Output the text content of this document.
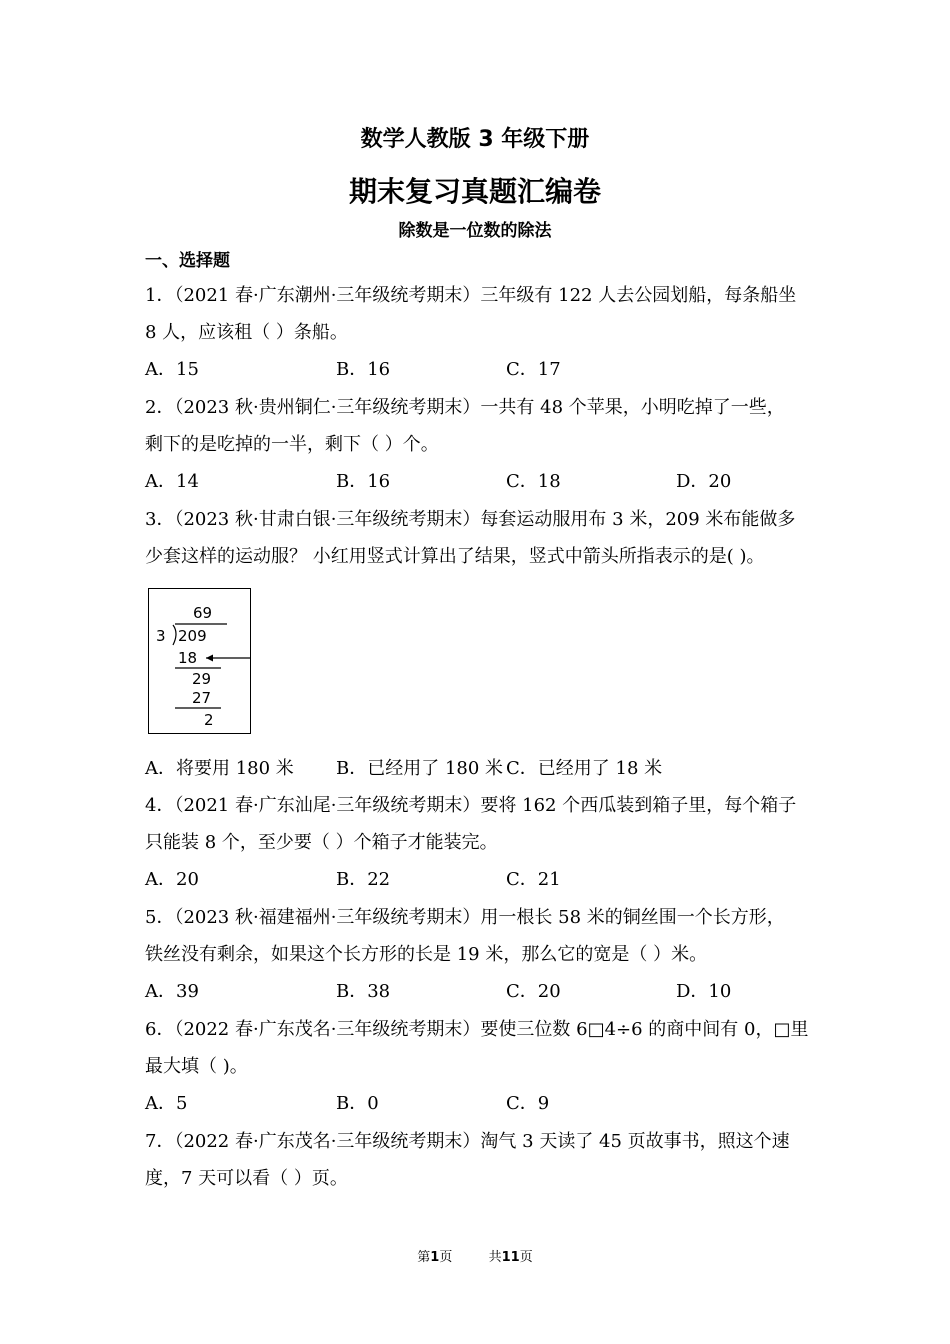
数学人教版 3 年级下册
期末复习真题汇编卷
除数是一位数的除法
一、选择题
1．（2021 春·广东潮州·三年级统考期末）三年级有 122 人去公园划船，每条船坐
8 人，应该租（ ）条船。
A．15	B．16	C．17
2．（2023 秋·贵州铜仁·三年级统考期末）一共有 48 个苹果，小明吃掉了一些，
剩下的是吃掉的一半，剩下（ ）个。
A．14	B．16	C．18	D．20
3．（2023 秋·甘肃白银·三年级统考期末）每套运动服用布 3 米，209 米布能做多
少套这样的运动服？ 小红用竖式计算出了结果，竖式中箭头所指表示的是( )。
69
3 209
18
29
27
2
A．将要用 180 米 B．已经用了 180 米 C．已经用了 18 米
4．（2021 春·广东汕尾·三年级统考期末）要将 162 个西瓜装到箱子里，每个箱子
只能装 8 个，至少要（ ）个箱子才能装完。
A．20	B．22	C．21
5．（2023 秋·福建福州·三年级统考期末）用一根长 58 米的铜丝围一个长方形，
铁丝没有剩余，如果这个长方形的长是 19 米，那么它的宽是（ ）米。
A．39	B．38	C．20	D．10
6．（2022 春·广东茂名·三年级统考期末）要使三位数 6□4÷6 的商中间有 0，□里
最大填（ )。
A．5	B．0	C．9
7．（2022 春·广东茂名·三年级统考期末）淘气 3 天读了 45 页故事书，照这个速
度，7 天可以看（ ）页。
第1页	共11页
